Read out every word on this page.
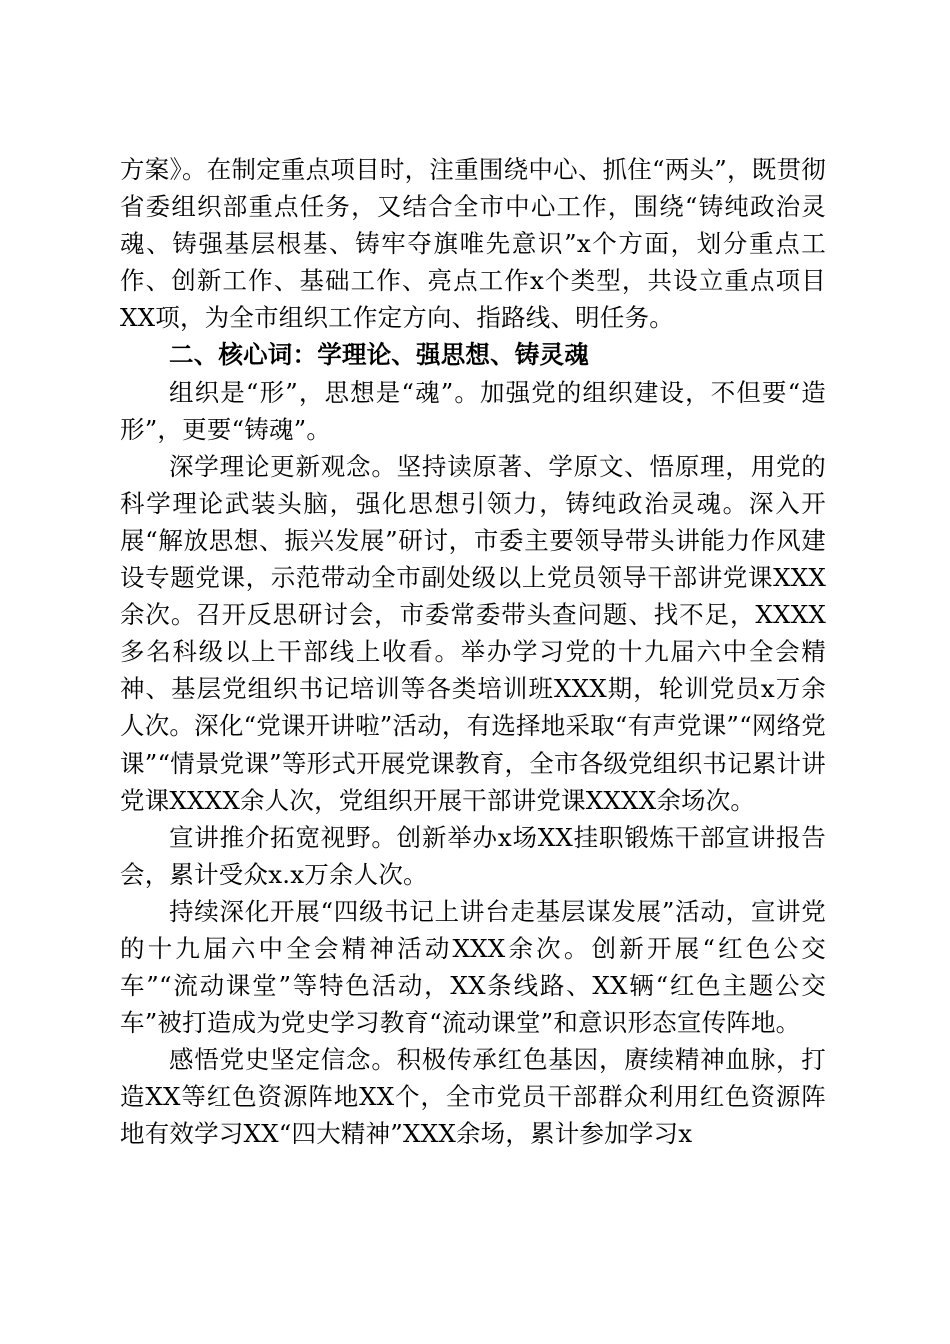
方案》。在制定重点项目时，注重围绕中心、抓住“两头”，既贯彻省委组织部重点任务，又结合全市中心工作，围绕“铸纯政治灵魂、铸强基层根基、铸牢夺旗唯先意识”x个方面，划分重点工作、创新工作、基础工作、亮点工作x个类型，共设立重点项目XX项，为全市组织工作定方向、指路线、明任务。

二、核心词：学理论、强思想、铸灵魂

组织是“形”，思想是“魂”。加强党的组织建设，不但要“造形”，更要“铸魂”。

深学理论更新观念。坚持读原著、学原文、悟原理，用党的科学理论武装头脑，强化思想引领力，铸纯政治灵魂。深入开展“解放思想、振兴发展”研讨，市委主要领导带头讲能力作风建设专题党课，示范带动全市副处级以上党员领导干部讲党课XXX余次。召开反思研讨会，市委常委带头查问题、找不足，XXXX多名科级以上干部线上收看。举办学习党的十九届六中全会精神、基层党组织书记培训等各类培训班XXX期，轮训党员x万余人次。深化“党课开讲啦”活动，有选择地采取“有声党课”“网络党课”“情景党课”等形式开展党课教育，全市各级党组织书记累计讲党课XXXX余人次，党组织开展干部讲党课XXXX余场次。

宣讲推介拓宽视野。创新举办x场XX挂职锻炼干部宣讲报告会，累计受众x.x万余人次。

持续深化开展“四级书记上讲台走基层谋发展”活动，宣讲党的十九届六中全会精神活动XXX余次。创新开展“红色公交车”“流动课堂”等特色活动，XX条线路、XX辆“红色主题公交车”被打造成为党史学习教育“流动课堂”和意识形态宣传阵地。

感悟党史坚定信念。积极传承红色基因，赓续精神血脉，打造XX等红色资源阵地XX个，全市党员干部群众利用红色资源阵地有效学习XX“四大精神”XXX余场，累计参加学习x
